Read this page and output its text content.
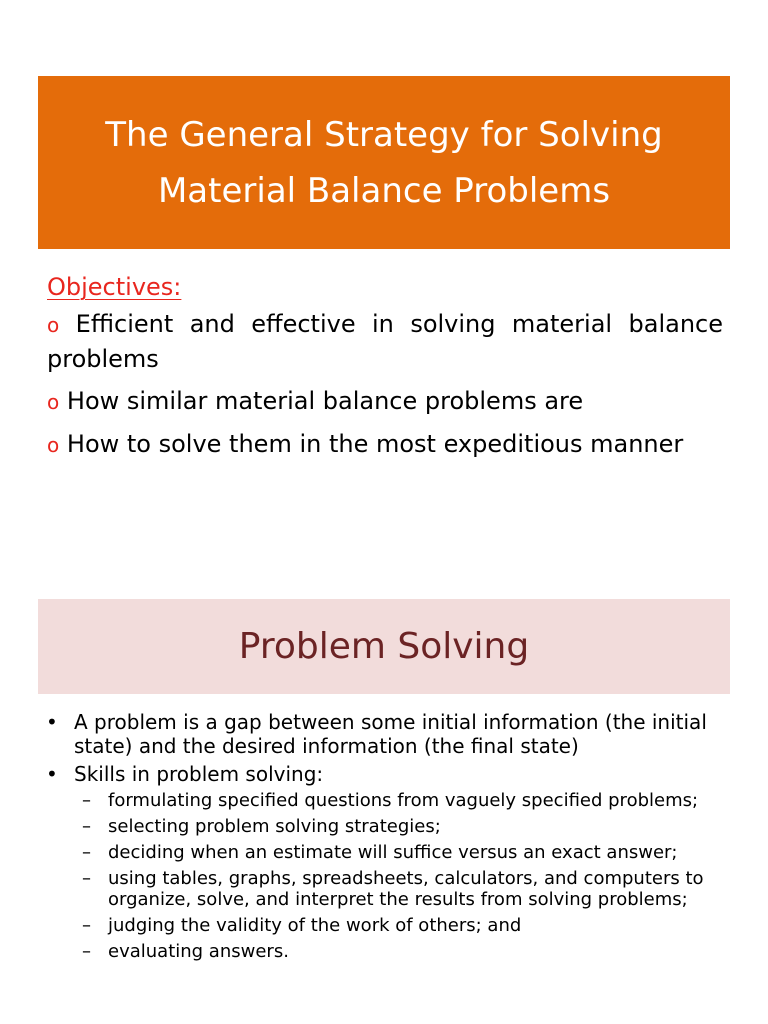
The General Strategy for Solving Material Balance Problems
Objectives:
o Efficient and effective in solving material balance problems
o How similar material balance problems are
o How to solve them in the most expeditious manner
Problem Solving
• A problem is a gap between some initial information (the initial state) and the desired information (the final state)
• Skills in problem solving:
– formulating specified questions from vaguely specified problems;
– selecting problem solving strategies;
– deciding when an estimate will suffice versus an exact answer;
– using tables, graphs, spreadsheets, calculators, and computers to organize, solve, and interpret the results from solving problems;
– judging the validity of the work of others; and
– evaluating answers.
